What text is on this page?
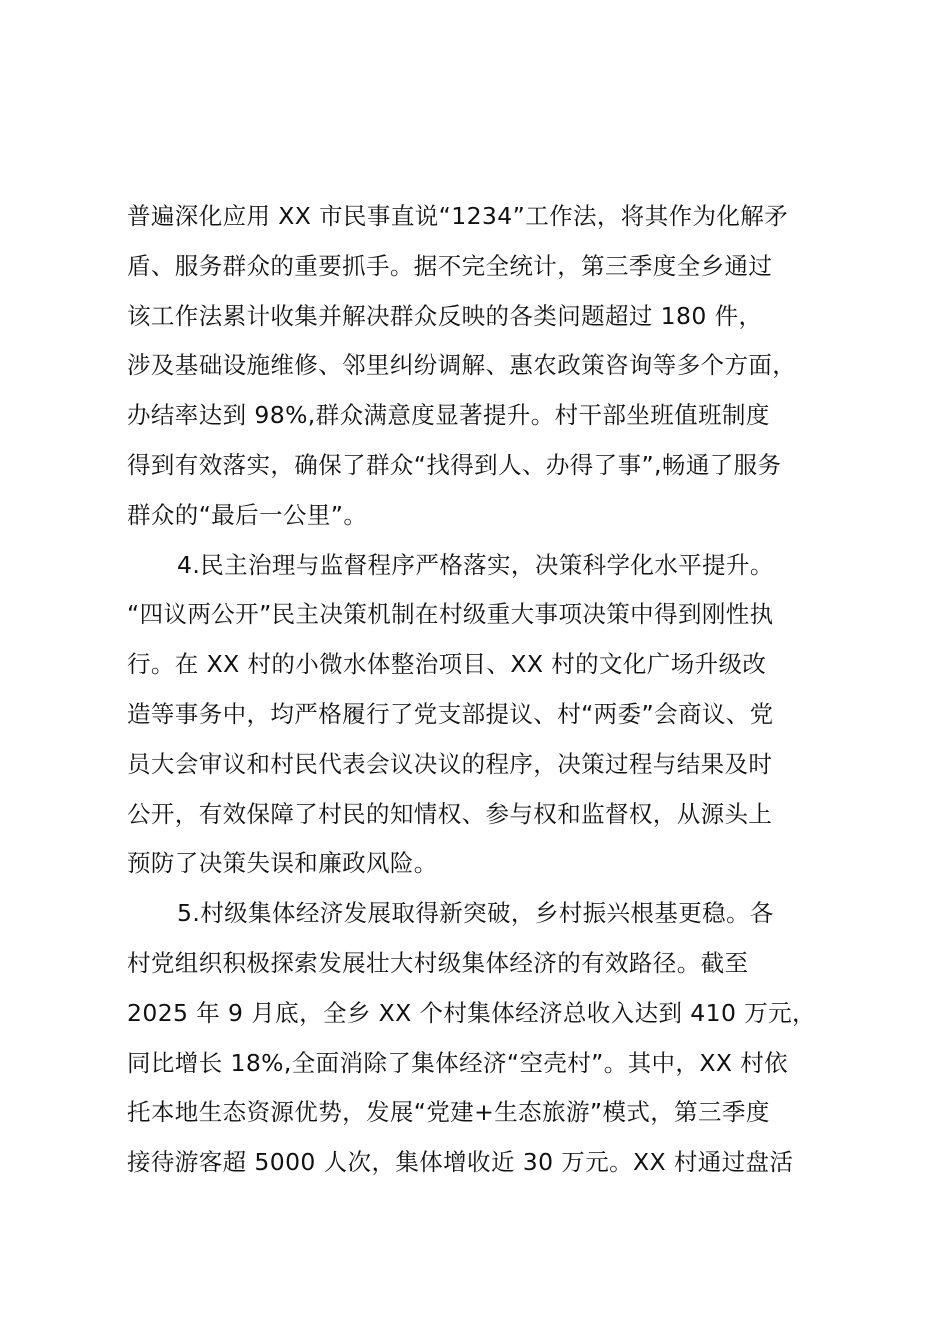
普遍深化应用 XX 市民事直说“1234”工作法，将其作为化解矛
盾、服务群众的重要抓手。据不完全统计，第三季度全乡通过
该工作法累计收集并解决群众反映的各类问题超过 180 件，
涉及基础设施维修、邻里纠纷调解、惠农政策咨询等多个方面，
办结率达到 98%,群众满意度显著提升。村干部坐班值班制度
得到有效落实，确保了群众“找得到人、办得了事”,畅通了服务
群众的“最后一公里”。
4.民主治理与监督程序严格落实，决策科学化水平提升。
“四议两公开”民主决策机制在村级重大事项决策中得到刚性执
行。在 XX 村的小微水体整治项目、XX 村的文化广场升级改
造等事务中，均严格履行了党支部提议、村“两委”会商议、党
员大会审议和村民代表会议决议的程序，决策过程与结果及时
公开，有效保障了村民的知情权、参与权和监督权，从源头上
预防了决策失误和廉政风险。
5.村级集体经济发展取得新突破，乡村振兴根基更稳。各
村党组织积极探索发展壮大村级集体经济的有效路径。截至
2025 年 9 月底，全乡 XX 个村集体经济总收入达到 410 万元，
同比增长 18%,全面消除了集体经济“空壳村”。其中，XX 村依
托本地生态资源优势，发展“党建+生态旅游”模式，第三季度
接待游客超 5000 人次，集体增收近 30 万元。XX 村通过盘活
